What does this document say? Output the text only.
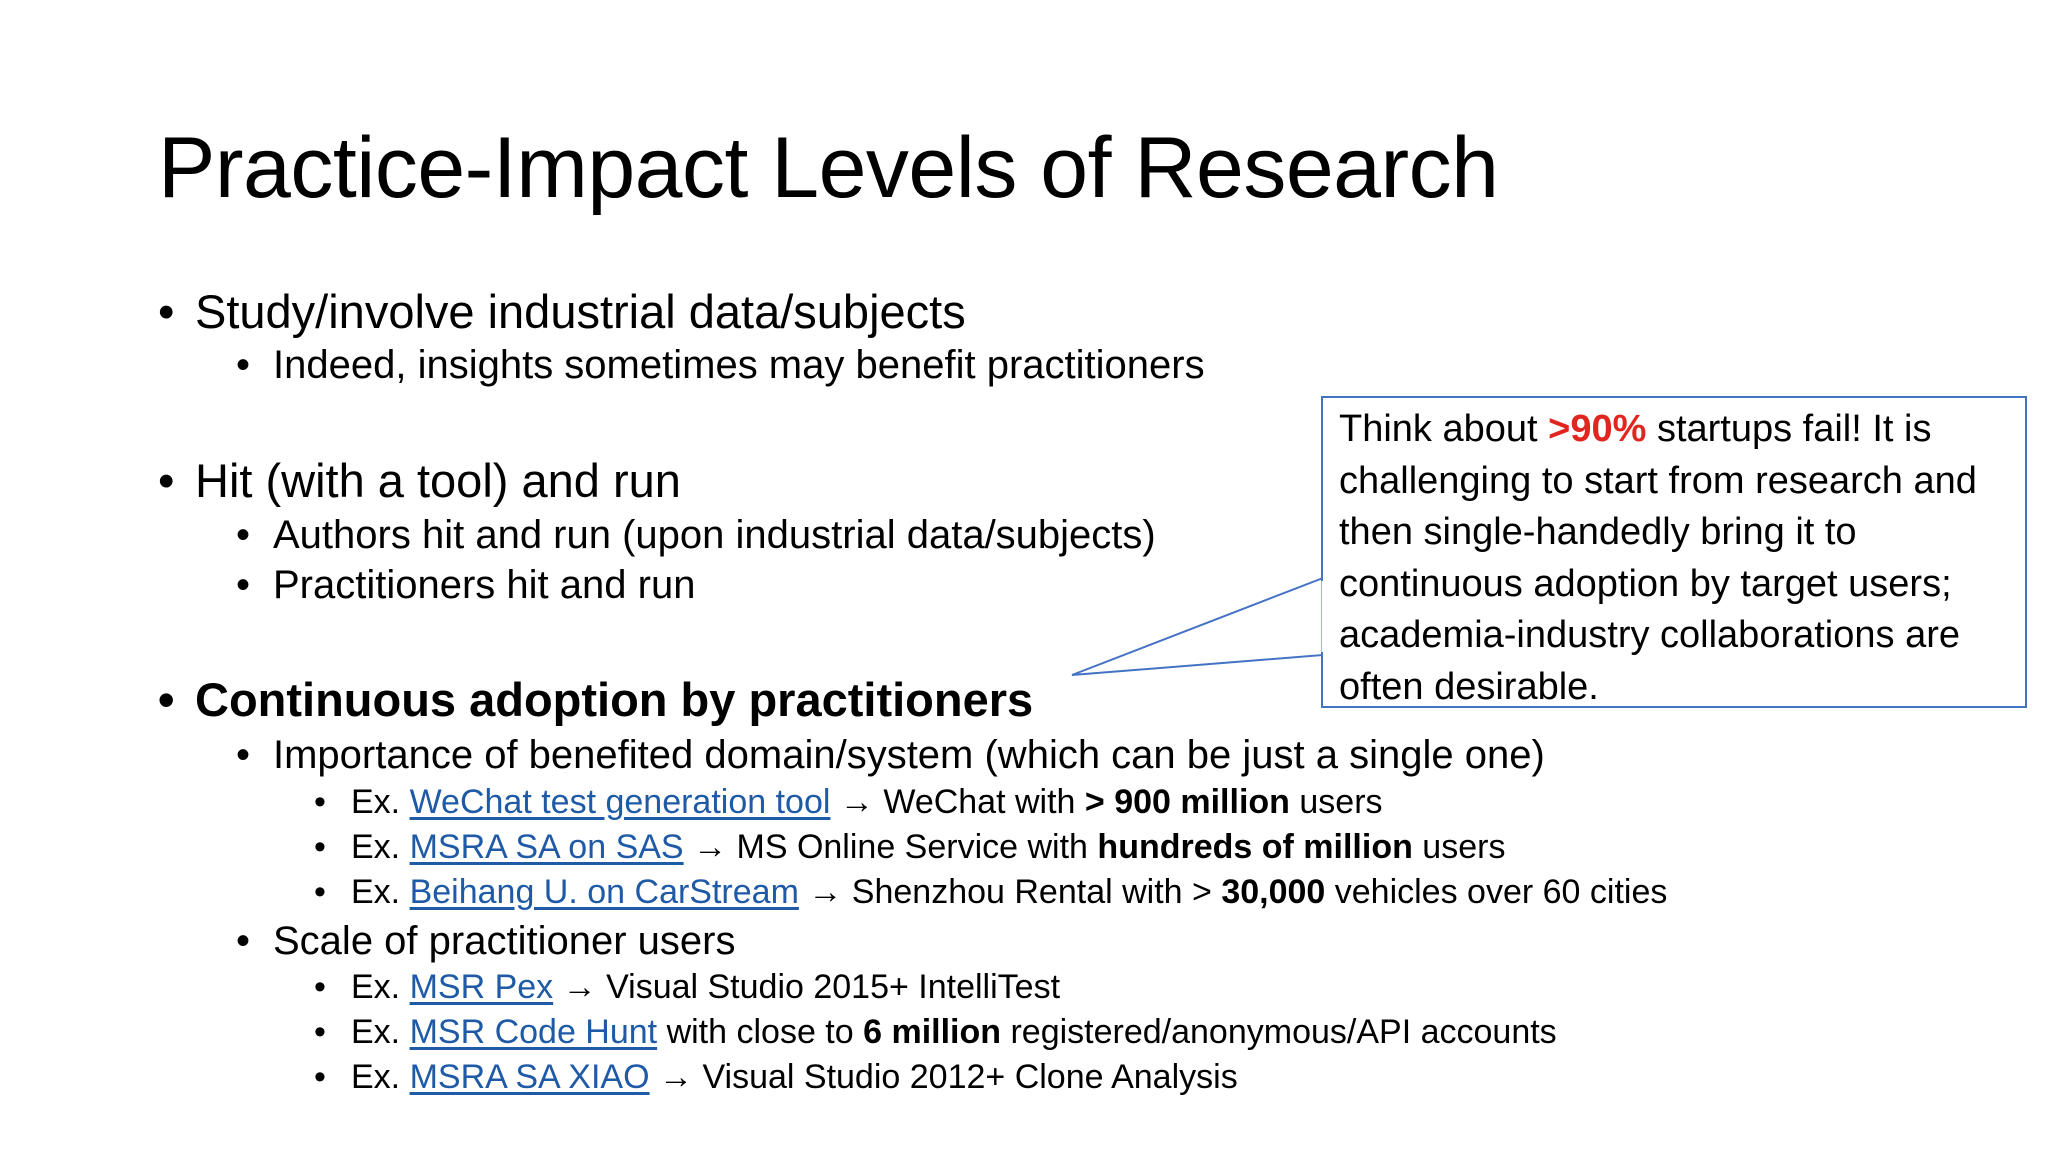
Practice-Impact Levels of Research
• Study/involve industrial data/subjects
• Indeed, insights sometimes may benefit practitioners
• Hit (with a tool) and run
• Authors hit and run (upon industrial data/subjects)
• Practitioners hit and run
• Continuous adoption by practitioners
• Importance of benefited domain/system (which can be just a single one)
• Ex. WeChat test generation tool → WeChat with > 900 million users
• Ex. MSRA SA on SAS → MS Online Service with hundreds of million users
• Ex. Beihang U. on CarStream → Shenzhou Rental with > 30,000 vehicles over 60 cities
• Scale of practitioner users
• Ex. MSR Pex → Visual Studio 2015+ IntelliTest
• Ex. MSR Code Hunt with close to 6 million registered/anonymous/API accounts
• Ex. MSRA SA XIAO → Visual Studio 2012+ Clone Analysis
Think about >90% startups fail! It is
challenging to start from research and
then single-handedly bring it to
continuous adoption by target users;
academia-industry collaborations are
often desirable.
